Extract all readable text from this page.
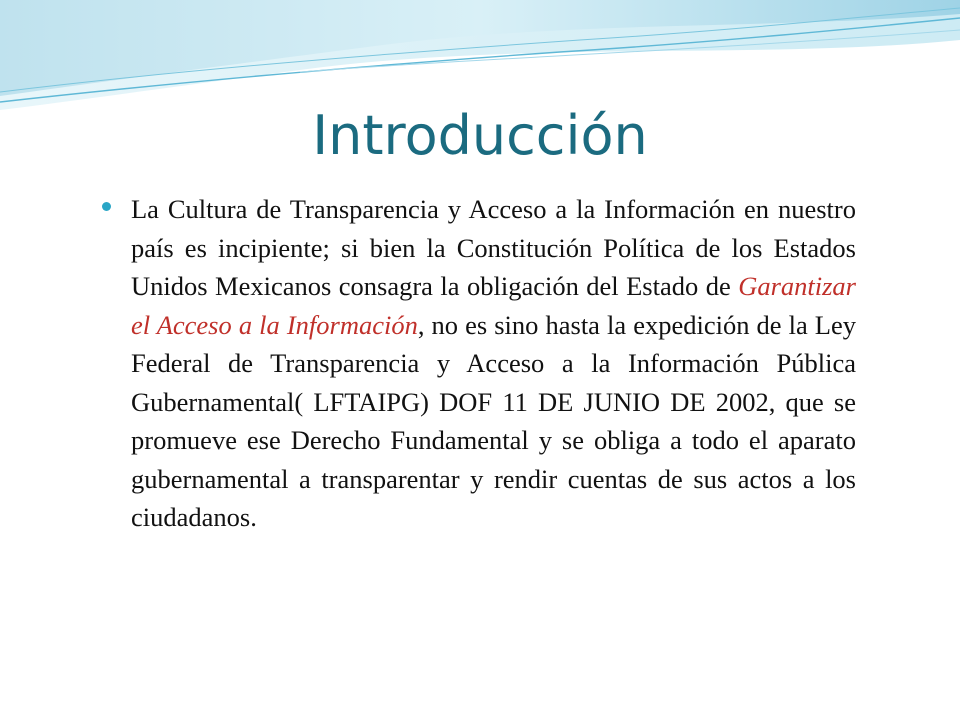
Introducción

La Cultura de Transparencia y Acceso a la Información en nuestro país es incipiente; si bien la Constitución Política de los Estados Unidos Mexicanos consagra la obligación del Estado de Garantizar el Acceso a la Información, no es sino hasta la expedición de la Ley Federal de Transparencia y Acceso a la Información Pública Gubernamental( LFTAIPG) DOF 11 DE JUNIO DE 2002, que se promueve ese Derecho Fundamental y se obliga a todo el aparato gubernamental a transparentar y rendir cuentas de sus actos a los ciudadanos.
